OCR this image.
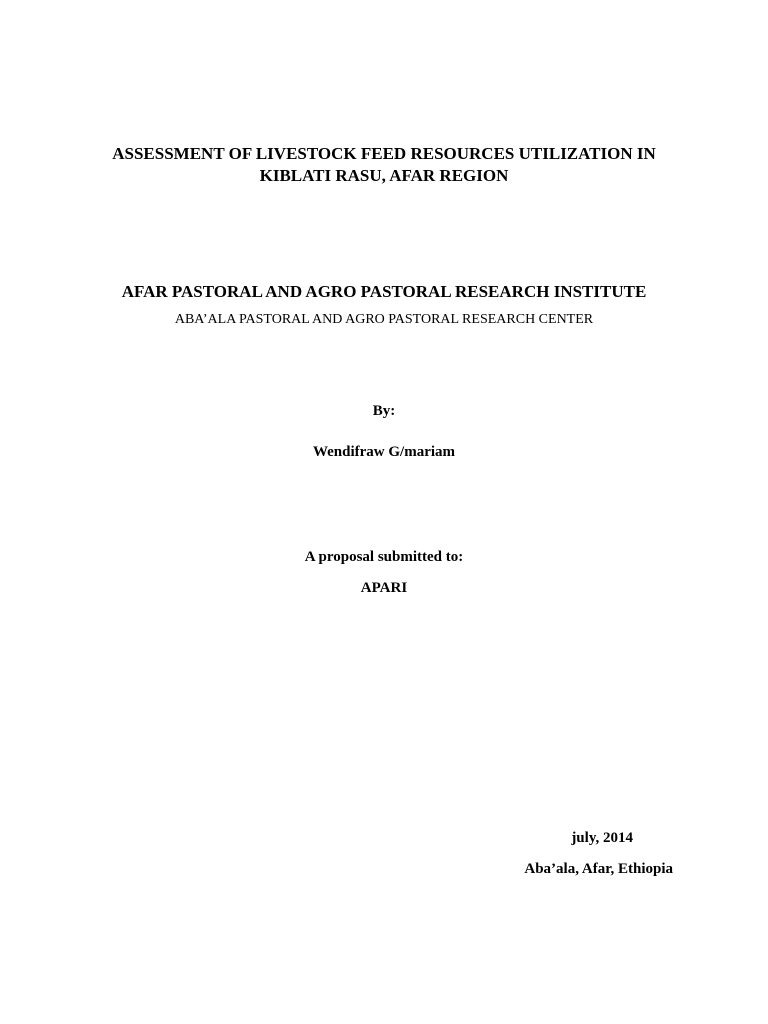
ASSESSMENT OF LIVESTOCK FEED RESOURCES UTILIZATION IN
KIBLATI RASU, AFAR REGION
AFAR PASTORAL AND AGRO PASTORAL RESEARCH INSTITUTE
ABA’ALA PASTORAL AND AGRO PASTORAL RESEARCH CENTER
By:
Wendifraw G/mariam
A proposal submitted to:
APARI
july, 2014
Aba’ala, Afar, Ethiopia
